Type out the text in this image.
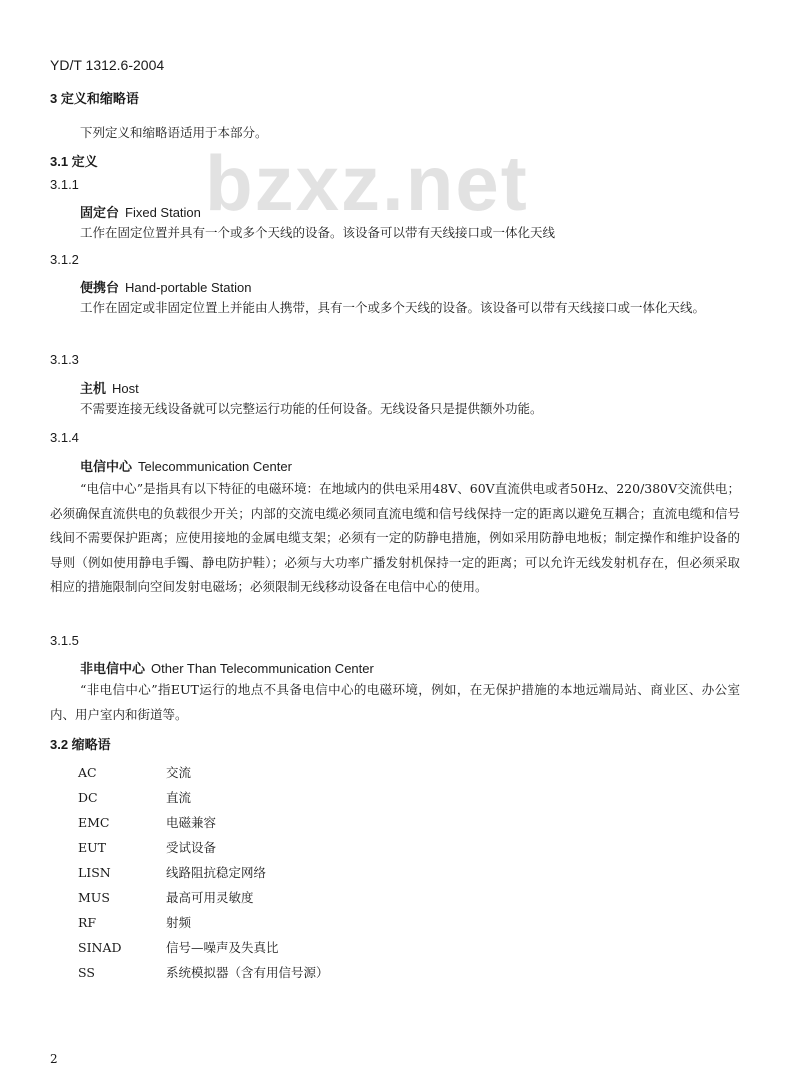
bzxz.net
YD/T 1312.6-2004
3 定义和缩略语
下列定义和缩略语适用于本部分。
3.1 定义
3.1.1
固定台 Fixed Station
工作在固定位置并具有一个或多个天线的设备。该设备可以带有天线接口或一体化天线
3.1.2
便携台 Hand-portable Station
工作在固定或非固定位置上并能由人携带，具有一个或多个天线的设备。该设备可以带有天线接口或一体化天线。
3.1.3
主机 Host
不需要连接无线设备就可以完整运行功能的任何设备。无线设备只是提供额外功能。
3.1.4
电信中心 Telecommunication Center
“电信中心”是指具有以下特征的电磁环境：在地域内的供电采用48V、60V直流供电或者50Hz、220/380V交流供电；必须确保直流供电的负载很少开关；内部的交流电缆必须同直流电缆和信号线保持一定的距离以避免互耦合；直流电缆和信号线间不需要保护距离；应使用接地的金属电缆支架；必须有一定的防静电措施，例如采用防静电地板；制定操作和维护设备的导则（例如使用静电手镯、静电防护鞋）；必须与大功率广播发射机保持一定的距离；可以允许无线发射机存在，但必须采取相应的措施限制向空间发射电磁场；必须限制无线移动设备在电信中心的使用。
3.1.5
非电信中心 Other Than Telecommunication Center
“非电信中心”指EUT运行的地点不具备电信中心的电磁环境，例如，在无保护措施的本地远端局站、商业区、办公室内、用户室内和街道等。
3.2 缩略语
AC	交流
DC	直流
EMC	电磁兼容
EUT	受试设备
LISN	线路阻抗稳定网络
MUS	最高可用灵敏度
RF	射频
SINAD	信号—噪声及失真比
SS	系统模拟器（含有用信号源）
2
